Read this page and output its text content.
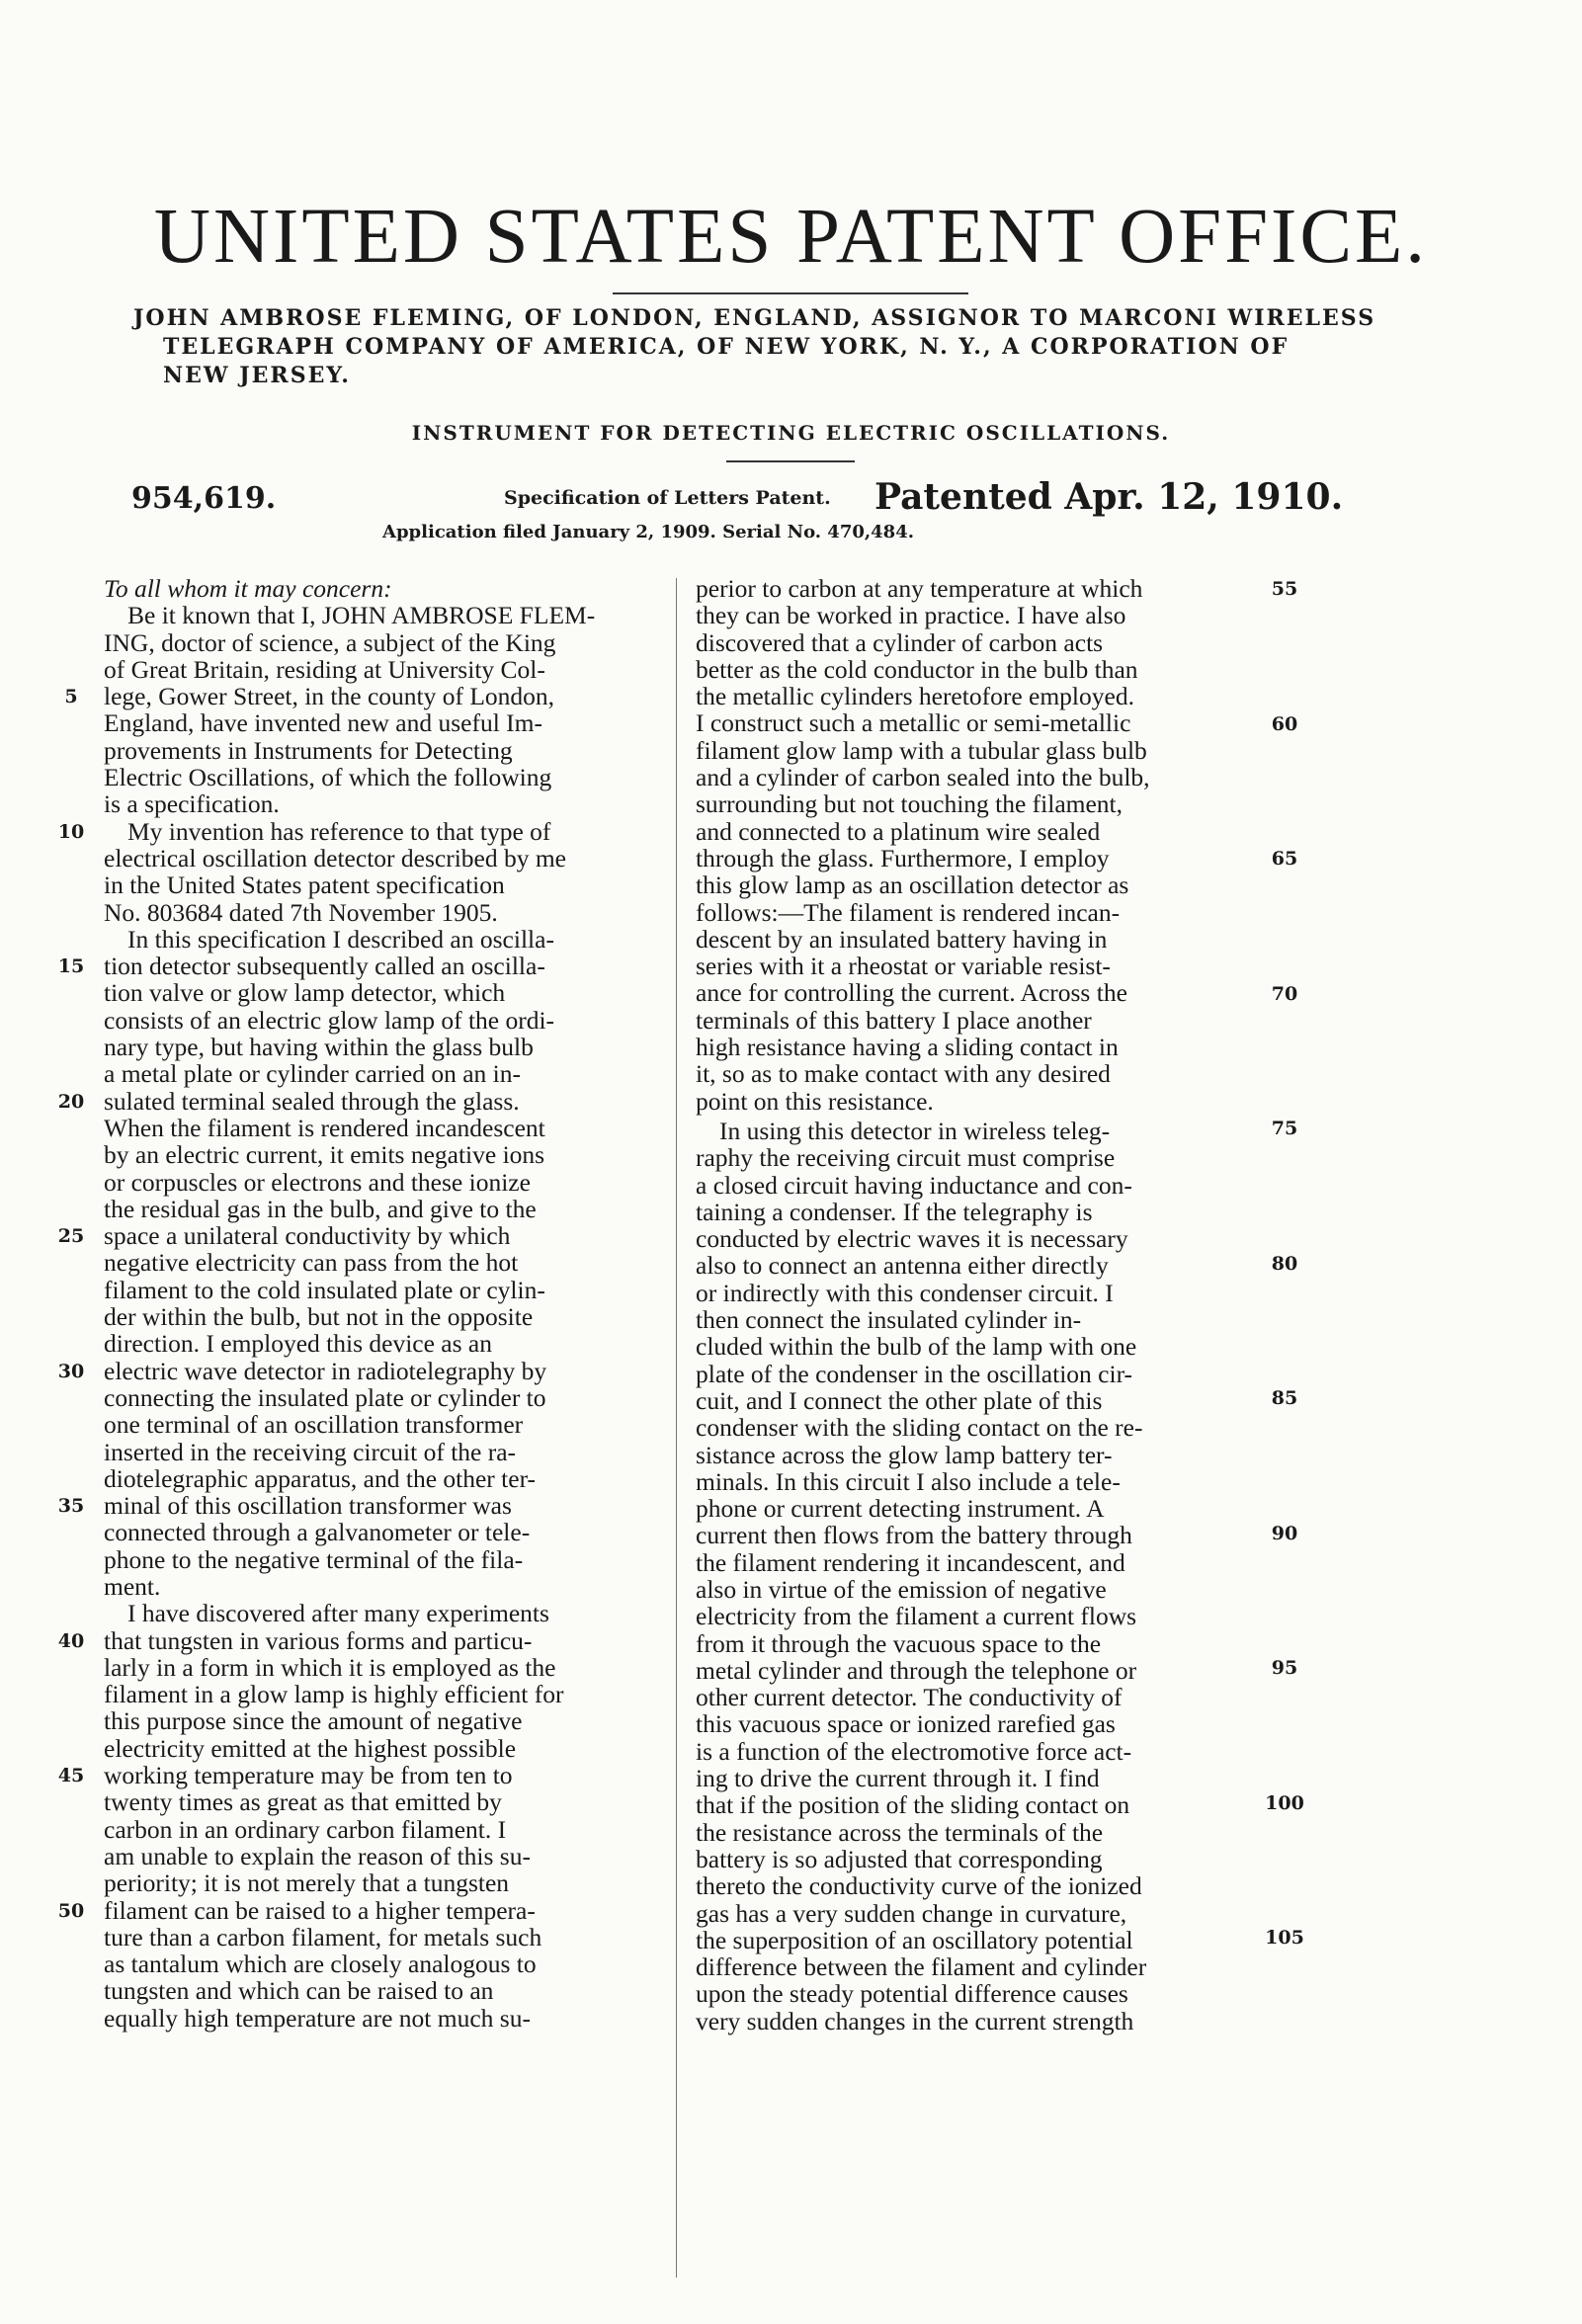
UNITED STATES PATENT OFFICE.
JOHN AMBROSE FLEMING, OF LONDON, ENGLAND, ASSIGNOR TO MARCONI WIRELESS
TELEGRAPH COMPANY OF AMERICA, OF NEW YORK, N. Y., A CORPORATION OF
NEW JERSEY.
INSTRUMENT FOR DETECTING ELECTRIC OSCILLATIONS.
954,619.	Specification of Letters Patent. Patented Apr. 12, 1910.
Application filed January 2, 1909. Serial No. 470,484.
To all whom it may concern:
Be it known that I, JOHN AMBROSE FLEM-
ING, doctor of science, a subject of the King
of Great Britain, residing at University Col-
lege, Gower Street, in the county of London,
England, have invented new and useful Im-
provements in Instruments for Detecting
Electric Oscillations, of which the following
is a specification.
My invention has reference to that type of
electrical oscillation detector described by me
in the United States patent specification
No. 803684 dated 7th November 1905.
In this specification I described an oscilla-
tion detector subsequently called an oscilla-
tion valve or glow lamp detector, which
consists of an electric glow lamp of the ordi-
nary type, but having within the glass bulb
a metal plate or cylinder carried on an in-
sulated terminal sealed through the glass.
When the filament is rendered incandescent
by an electric current, it emits negative ions
or corpuscles or electrons and these ionize
the residual gas in the bulb, and give to the
space a unilateral conductivity by which
negative electricity can pass from the hot
filament to the cold insulated plate or cylin-
der within the bulb, but not in the opposite
direction. I employed this device as an
electric wave detector in radiotelegraphy by
connecting the insulated plate or cylinder to
one terminal of an oscillation transformer
inserted in the receiving circuit of the ra-
diotelegraphic apparatus, and the other ter-
minal of this oscillation transformer was
connected through a galvanometer or tele-
phone to the negative terminal of the fila-
ment.
I have discovered after many experiments
that tungsten in various forms and particu-
larly in a form in which it is employed as the
filament in a glow lamp is highly efficient for
this purpose since the amount of negative
electricity emitted at the highest possible
working temperature may be from ten to
twenty times as great as that emitted by
carbon in an ordinary carbon filament. I
am unable to explain the reason of this su-
periority; it is not merely that a tungsten
filament can be raised to a higher tempera-
ture than a carbon filament, for metals such
as tantalum which are closely analogous to
tungsten and which can be raised to an
equally high temperature are not much su-
perior to carbon at any temperature at which
they can be worked in practice. I have also
discovered that a cylinder of carbon acts
better as the cold conductor in the bulb than
the metallic cylinders heretofore employed.
I construct such a metallic or semi-metallic
filament glow lamp with a tubular glass bulb
and a cylinder of carbon sealed into the bulb,
surrounding but not touching the filament,
and connected to a platinum wire sealed
through the glass. Furthermore, I employ
this glow lamp as an oscillation detector as
follows:—The filament is rendered incan-
descent by an insulated battery having in
series with it a rheostat or variable resist-
ance for controlling the current. Across the
terminals of this battery I place another
high resistance having a sliding contact in
it, so as to make contact with any desired
point on this resistance.
In using this detector in wireless teleg-
raphy the receiving circuit must comprise
a closed circuit having inductance and con-
taining a condenser. If the telegraphy is
conducted by electric waves it is necessary
also to connect an antenna either directly
or indirectly with this condenser circuit. I
then connect the insulated cylinder in-
cluded within the bulb of the lamp with one
plate of the condenser in the oscillation cir-
cuit, and I connect the other plate of this
condenser with the sliding contact on the re-
sistance across the glow lamp battery ter-
minals. In this circuit I also include a tele-
phone or current detecting instrument. A
current then flows from the battery through
the filament rendering it incandescent, and
also in virtue of the emission of negative
electricity from the filament a current flows
from it through the vacuous space to the
metal cylinder and through the telephone or
other current detector. The conductivity of
this vacuous space or ionized rarefied gas
is a function of the electromotive force act-
ing to drive the current through it. I find
that if the position of the sliding contact on
the resistance across the terminals of the
battery is so adjusted that corresponding
thereto the conductivity curve of the ionized
gas has a very sudden change in curvature,
the superposition of an oscillatory potential
difference between the filament and cylinder
upon the steady potential difference causes
very sudden changes in the current strength
5
10
15
20
25
30
35
40
45
50
55
60
65
70
75
80
85
90
95
100
105
